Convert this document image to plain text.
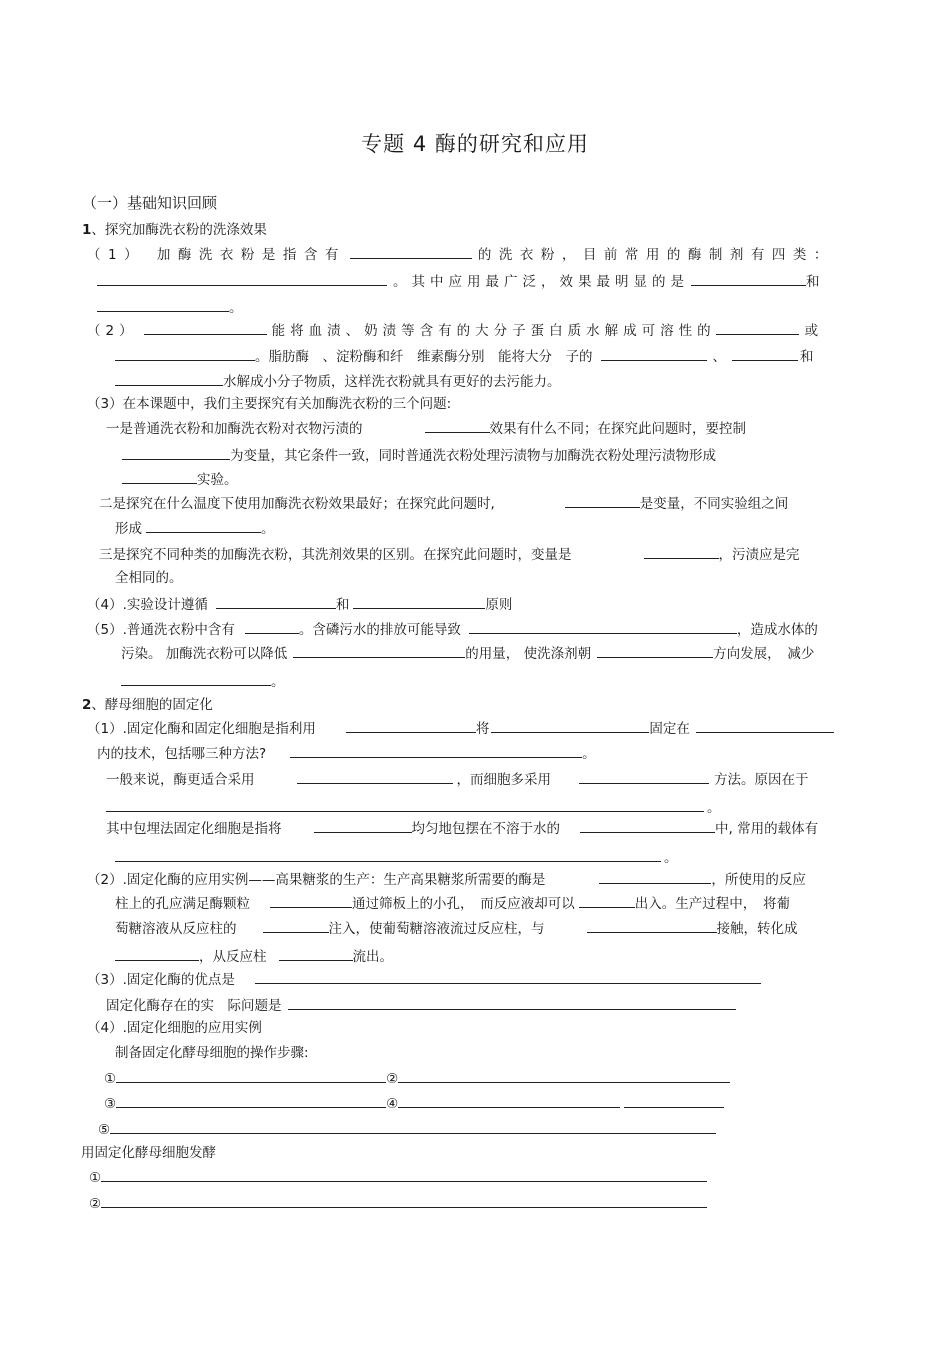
专题 4 酶的研究和应用
（一）基础知识回顾
1、探究加酶洗衣粉的洗涤效果
（1） 加酶洗衣粉是指含有	的洗衣粉，目前常用的酶制剂有四类：
。其中应用最广泛，效果最明显的是	和
。
（2）	能将血渍、奶渍等含有的大分子蛋白质水解成可溶性的	或
。脂肪酶　、淀粉酶和纤　维素酶分别　能将大分　子的	、	和
水解成小分子物质，这样洗衣粉就具有更好的去污能力。
（3）在本课题中，我们主要探究有关加酶洗衣粉的三个问题:
一是普通洗衣粉和加酶洗衣粉对衣物污渍的	效果有什么不同；在探究此问题时，要控制
为变量，其它条件一致，同时普通洗衣粉处理污渍物与加酶洗衣粉处理污渍物形成
实验。
二是探究在什么温度下使用加酶洗衣粉效果最好；在探究此问题时,	是变量，不同实验组之间
形成	。
三是探究不同种类的加酶洗衣粉，其洗剂效果的区别。在探究此问题时，变量是	，污渍应是完
全相同的。
（4）.实验设计遵循	和	原则
（5）.普通洗衣粉中含有	。含磷污水的排放可能导致	，造成水体的
污染。 加酶洗衣粉可以降低	的用量， 使洗涤剂朝	方向发展，　减少
。
2、酵母细胞的固定化
（1）.固定化酶和固定化细胞是指利用	将	固定在
内的技术，包括哪三种方法?	。
一般来说，酶更适合采用	，而细胞多采用	方法。原因在于
。
其中包埋法固定化细胞是指将	均匀地包摆在不溶于水的	中, 常用的载体有
。
（2）.固定化酶的应用实例——高果糖浆的生产：生产高果糖浆所需要的酶是	，所使用的反应
柱上的孔应满足酶颗粒	通过筛板上的小孔，　而反应液却可以	出入。生产过程中，　将葡
萄糖溶液从反应柱的	注入，使葡萄糖溶液流过反应柱，与	接触，转化成
，从反应柱	流出。
（3）.固定化酶的优点是
固定化酶存在的实　际问题是
（4）.固定化细胞的应用实例
制备固定化酵母细胞的操作步骤:
①	②
③	④
⑤
用固定化酵母细胞发酵
①
②
